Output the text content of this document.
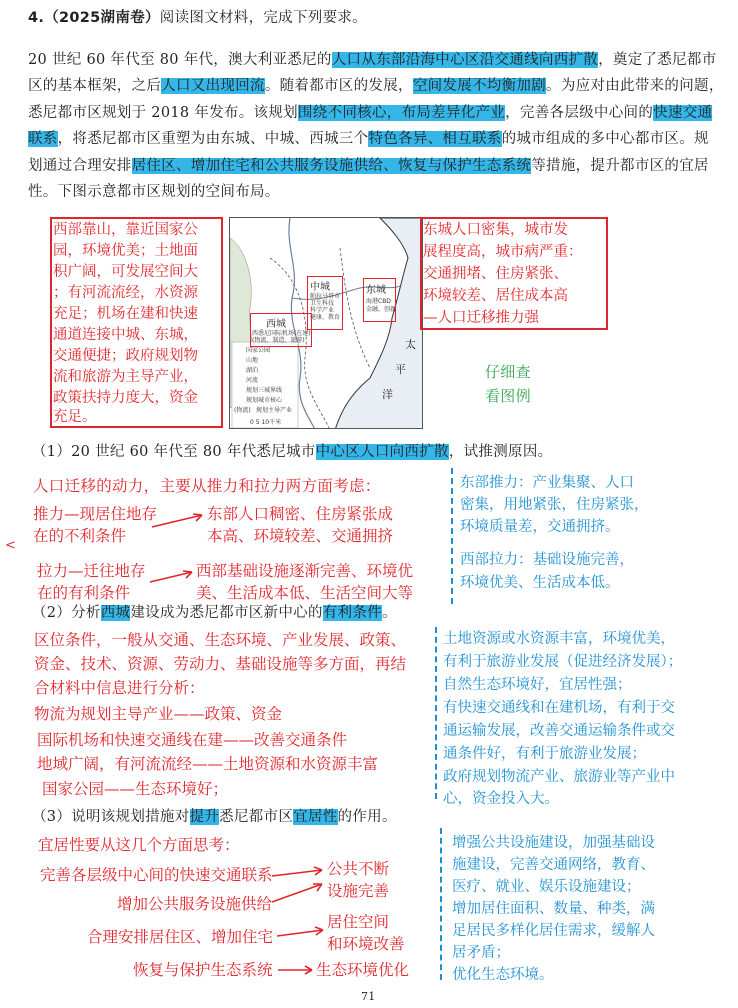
4.（2025湖南卷）阅读图文材料，完成下列要求。
20 世纪 60 年代至 80 年代，澳大利亚悉尼的人口从东部沿海中心区沿交通线向西扩散，奠定了悉尼都市
区的基本框架，之后人口又出现回流。随着都市区的发展，空间发展不均衡加剧。为应对由此带来的问题，
悉尼都市区规划于 2018 年发布。该规划围绕不同核心，布局差异化产业，完善各层级中心间的快速交通
联系，将悉尼都市区重塑为由东城、中城、西城三个特色各异、相互联系的城市组成的多中心都市区。规
划通过合理安排居住区、增加住宅和公共服务设施供给、恢复与保护生态系统等措施，提升都市区的宜居
性。下图示意都市区规划的空间布局。
西部靠山，靠近国家公
园，环境优美；土地面
积广阔，可发展空间大
；有河流流经，水资源
充足；机场在建和快速
通道连接中城、东城，
交通便捷；政府规划物
流和旅游为主导产业，
政策扶持力度大，资金
充足。
中城
帕拉马塔市
卫生科技
科学产业
健康、教育
东城
海港CBD
金融、创新
西城
西悉尼国际机场(在建)
(物流、制造、旅游)	太
平
洋
国家公园
山地
湖泊
河流
规划三城界线
规划城市核心
(物流) 规划主导产业
0 5 10千米
东城人口密集，城市发
展程度高，城市病严重：
交通拥堵、住房紧张、
环境较差、居住成本高
—人口迁移推力强
仔细查
看图例
（1）20 世纪 60 年代至 80 年代悉尼城市中心区人口向西扩散，试推测原因。
人口迁移的动力，主要从推力和拉力两方面考虑：
推力—现居住地存
在的不利条件
东部人口稠密、住房紧张成
本高、环境较差、交通拥挤
拉力—迁往地存
在的有利条件
西部基础设施逐渐完善、环境优
美、生活成本低、生活空间大等
<
东部推力：产业集聚、人口
密集，用地紧张，住房紧张，
环境质量差，交通拥挤。
西部拉力：基础设施完善，
环境优美、生活成本低。
（2）分析西城建设成为悉尼都市区新中心的有利条件。
区位条件，一般从交通、生态环境、产业发展、政策、
资金、技术、资源、劳动力、基础设施等多方面，再结
合材料中信息进行分析：
物流为规划主导产业——政策、资金
国际机场和快速交通线在建——改善交通条件
地域广阔，有河流流经——土地资源和水资源丰富
国家公园——生态环境好；
土地资源或水资源丰富，环境优美，
有利于旅游业发展（促进经济发展）；
自然生态环境好，宜居性强；
有快速交通线和在建机场，有利于交
通运输发展，改善交通运输条件或交
通条件好，有利于旅游业发展；
政府规划物流产业、旅游业等产业中
心，资金投入大。
（3）说明该规划措施对提升悉尼都市区宜居性的作用。
宜居性要从这几个方面思考：
完善各层级中心间的快速交通联系
增加公共服务设施供给
公共不断
设施完善
合理安排居住区、增加住宅
居住空间
和环境改善
恢复与保护生态系统	生态环境优化
增强公共设施建设，加强基础设
施建设，完善交通网络，教育、
医疗、就业、娱乐设施建设；
增加居住面积、数量、种类，满
足居民多样化居住需求，缓解人
居矛盾；
优化生态环境。
71
